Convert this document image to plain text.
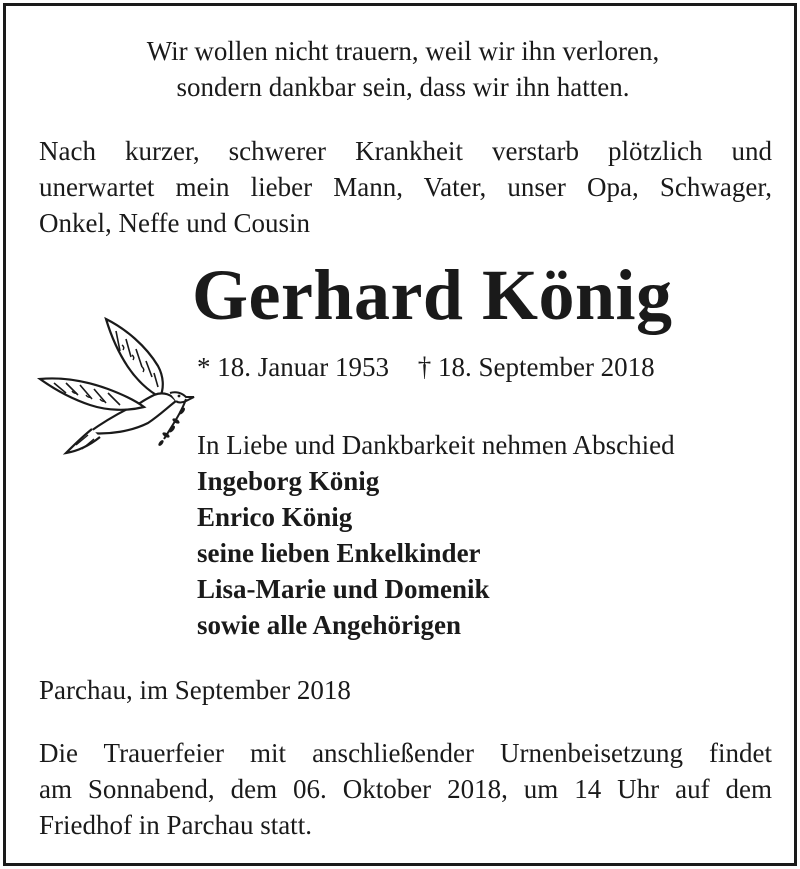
Wir wollen nicht trauern, weil wir ihn verloren,
sondern dankbar sein, dass wir ihn hatten.
Nach kurzer, schwerer Krankheit verstarb plötzlich und
unerwartet mein lieber Mann, Vater, unser Opa, Schwager,
Onkel, Neffe und Cousin
Gerhard König
* 18. Januar 1953 † 18. September 2018
In Liebe und Dankbarkeit nehmen Abschied
Ingeborg König
Enrico König
seine lieben Enkelkinder
Lisa-Marie und Domenik
sowie alle Angehörigen
Parchau, im September 2018
Die Trauerfeier mit anschließender Urnenbeisetzung findet
am Sonnabend, dem 06. Oktober 2018, um 14 Uhr auf dem
Friedhof in Parchau statt.
